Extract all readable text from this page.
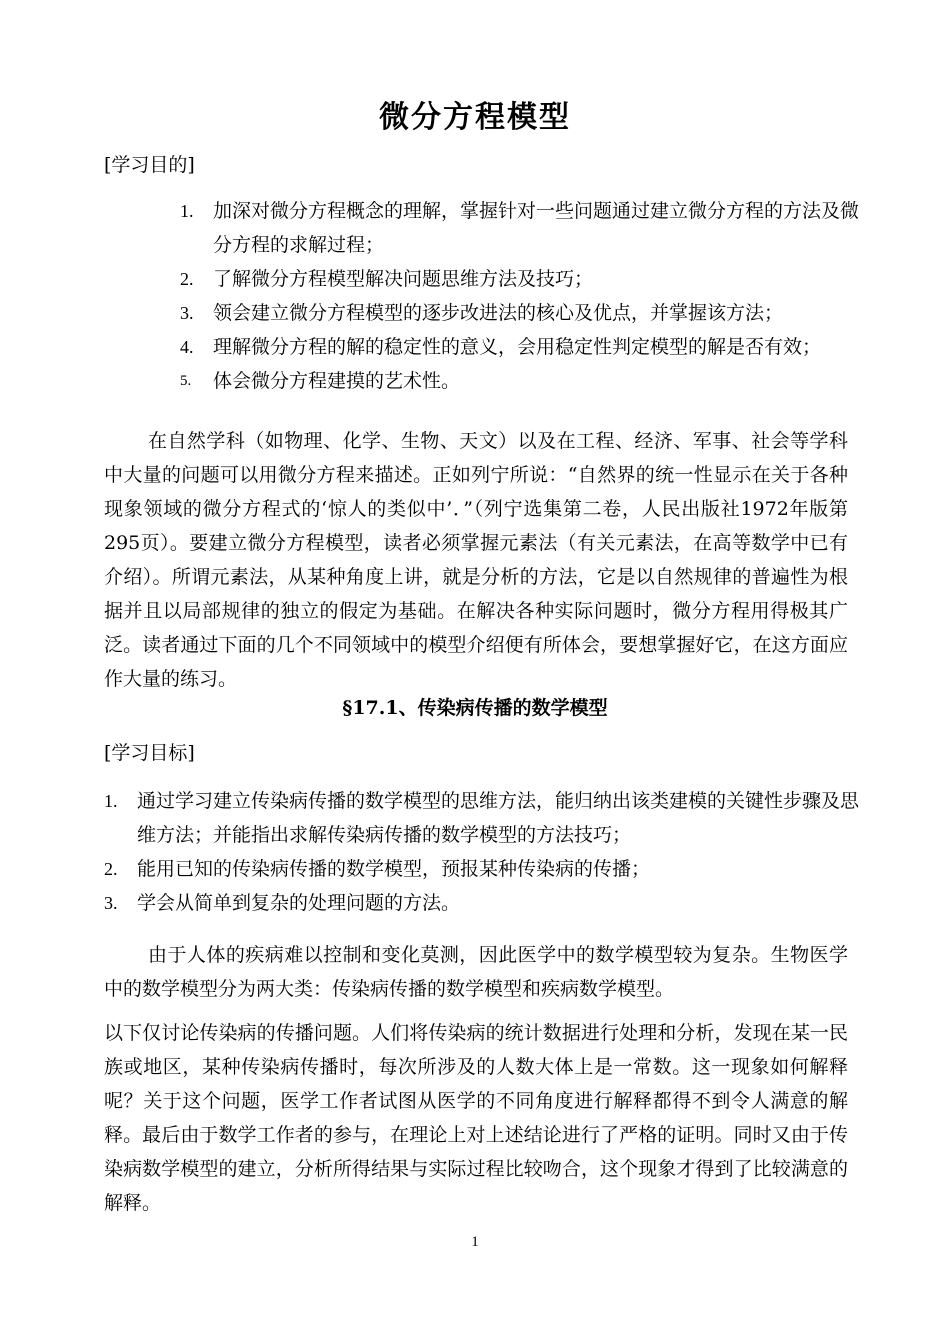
微分方程模型

[学习目的]

1. 加深对微分方程概念的理解，掌握针对一些问题通过建立微分方程的方法及微分方程的求解过程；
2. 了解微分方程模型解决问题思维方法及技巧；
3. 领会建立微分方程模型的逐步改进法的核心及优点，并掌握该方法；
4. 理解微分方程的解的稳定性的意义，会用稳定性判定模型的解是否有效；
5. 体会微分方程建摸的艺术性。

在自然学科（如物理、化学、生物、天文）以及在工程、经济、军事、社会等学科中大量的问题可以用微分方程来描述。正如列宁所说：“自然界的统一性显示在关于各种现象领域的微分方程式的‘惊人的类似中’．”（列宁选集第二卷，人民出版社1972年版第295页）。要建立微分方程模型，读者必须掌握元素法（有关元素法，在高等数学中已有介绍）。所谓元素法，从某种角度上讲，就是分析的方法，它是以自然规律的普遍性为根据并且以局部规律的独立的假定为基础。在解决各种实际问题时，微分方程用得极其广泛。读者通过下面的几个不同领域中的模型介绍便有所体会，要想掌握好它，在这方面应作大量的练习。

§17.1、传染病传播的数学模型

[学习目标]

1. 通过学习建立传染病传播的数学模型的思维方法，能归纳出该类建模的关键性步骤及思维方法；并能指出求解传染病传播的数学模型的方法技巧；
2. 能用已知的传染病传播的数学模型，预报某种传染病的传播；
3. 学会从简单到复杂的处理问题的方法。

由于人体的疾病难以控制和变化莫测，因此医学中的数学模型较为复杂。生物医学中的数学模型分为两大类：传染病传播的数学模型和疾病数学模型。

以下仅讨论传染病的传播问题。人们将传染病的统计数据进行处理和分析，发现在某一民族或地区，某种传染病传播时，每次所涉及的人数大体上是一常数。这一现象如何解释呢？关于这个问题，医学工作者试图从医学的不同角度进行解释都得不到令人满意的解释。最后由于数学工作者的参与，在理论上对上述结论进行了严格的证明。同时又由于传染病数学模型的建立，分析所得结果与实际过程比较吻合，这个现象才得到了比较满意的解释。

1
